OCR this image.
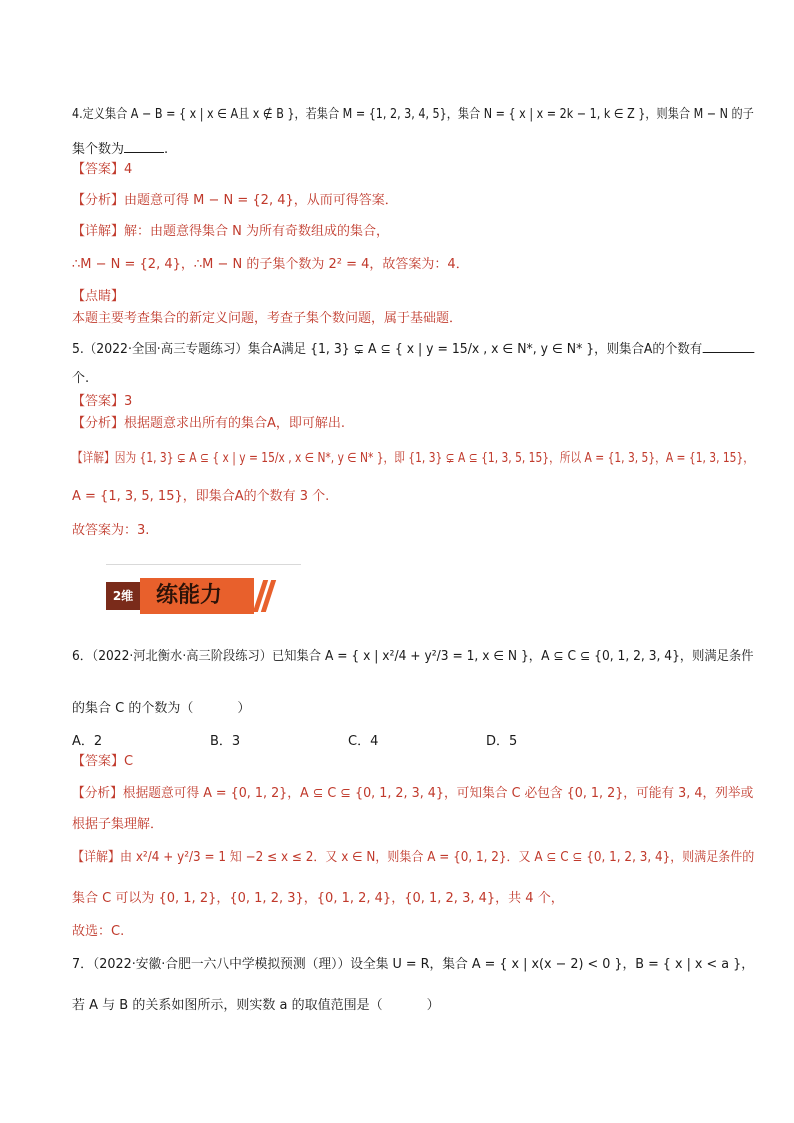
4.定义集合 A − B = { x | x ∈ A且 x ∉ B }，若集合 M = {1, 2, 3, 4, 5}，集合 N = { x | x = 2k − 1, k ∈ Z }，则集合 M − N 的子
集个数为	.
【答案】4
【分析】由题意可得 M − N = {2, 4}，从而可得答案．
【详解】解：由题意得集合 N 为所有奇数组成的集合，
∴M − N = {2, 4}，∴M − N 的子集个数为 2² = 4，故答案为：4．
【点睛】
本题主要考查集合的新定义问题，考查子集个数问题，属于基础题．
5.（2022·全国·高三专题练习）集合A满足 {1, 3} ⊊ A ⊆ { x | y = 15/x , x ∈ N*, y ∈ N* }，则集合A的个数有
个.
【答案】3
【分析】根据题意求出所有的集合A，即可解出.
【详解】因为 {1, 3} ⊊ A ⊆ { x | y = 15/x , x ∈ N*, y ∈ N* }，即 {1, 3} ⊊ A ⊆ {1, 3, 5, 15}，所以 A = {1, 3, 5}，A = {1, 3, 15}，
A = {1, 3, 5, 15}，即集合A的个数有 3 个.
故答案为：3.
2维	练能力
6．（2022·河北衡水·高三阶段练习）已知集合 A = { x | x²/4 + y²/3 = 1, x ∈ N }，A ⊆ C ⊆ {0, 1, 2, 3, 4}，则满足条件
的集合 C 的个数为（	）
A．2	B．3	C．4	D．5
【答案】C
【分析】根据题意可得 A = {0, 1, 2}，A ⊆ C ⊆ {0, 1, 2, 3, 4}，可知集合 C 必包含 {0, 1, 2}，可能有 3, 4，列举或
根据子集理解．
【详解】由 x²/4 + y²/3 = 1 知 −2 ≤ x ≤ 2．又 x ∈ N，则集合 A = {0, 1, 2}．又 A ⊆ C ⊆ {0, 1, 2, 3, 4}，则满足条件的
集合 C 可以为 {0, 1, 2}，{0, 1, 2, 3}，{0, 1, 2, 4}，{0, 1, 2, 3, 4}，共 4 个，
故选：C.
7．（2022·安徽·合肥一六八中学模拟预测（理））设全集 U = R，集合 A = { x | x(x − 2) < 0 }，B = { x | x < a }，
若 A 与 B 的关系如图所示，则实数 a 的取值范围是（	）
